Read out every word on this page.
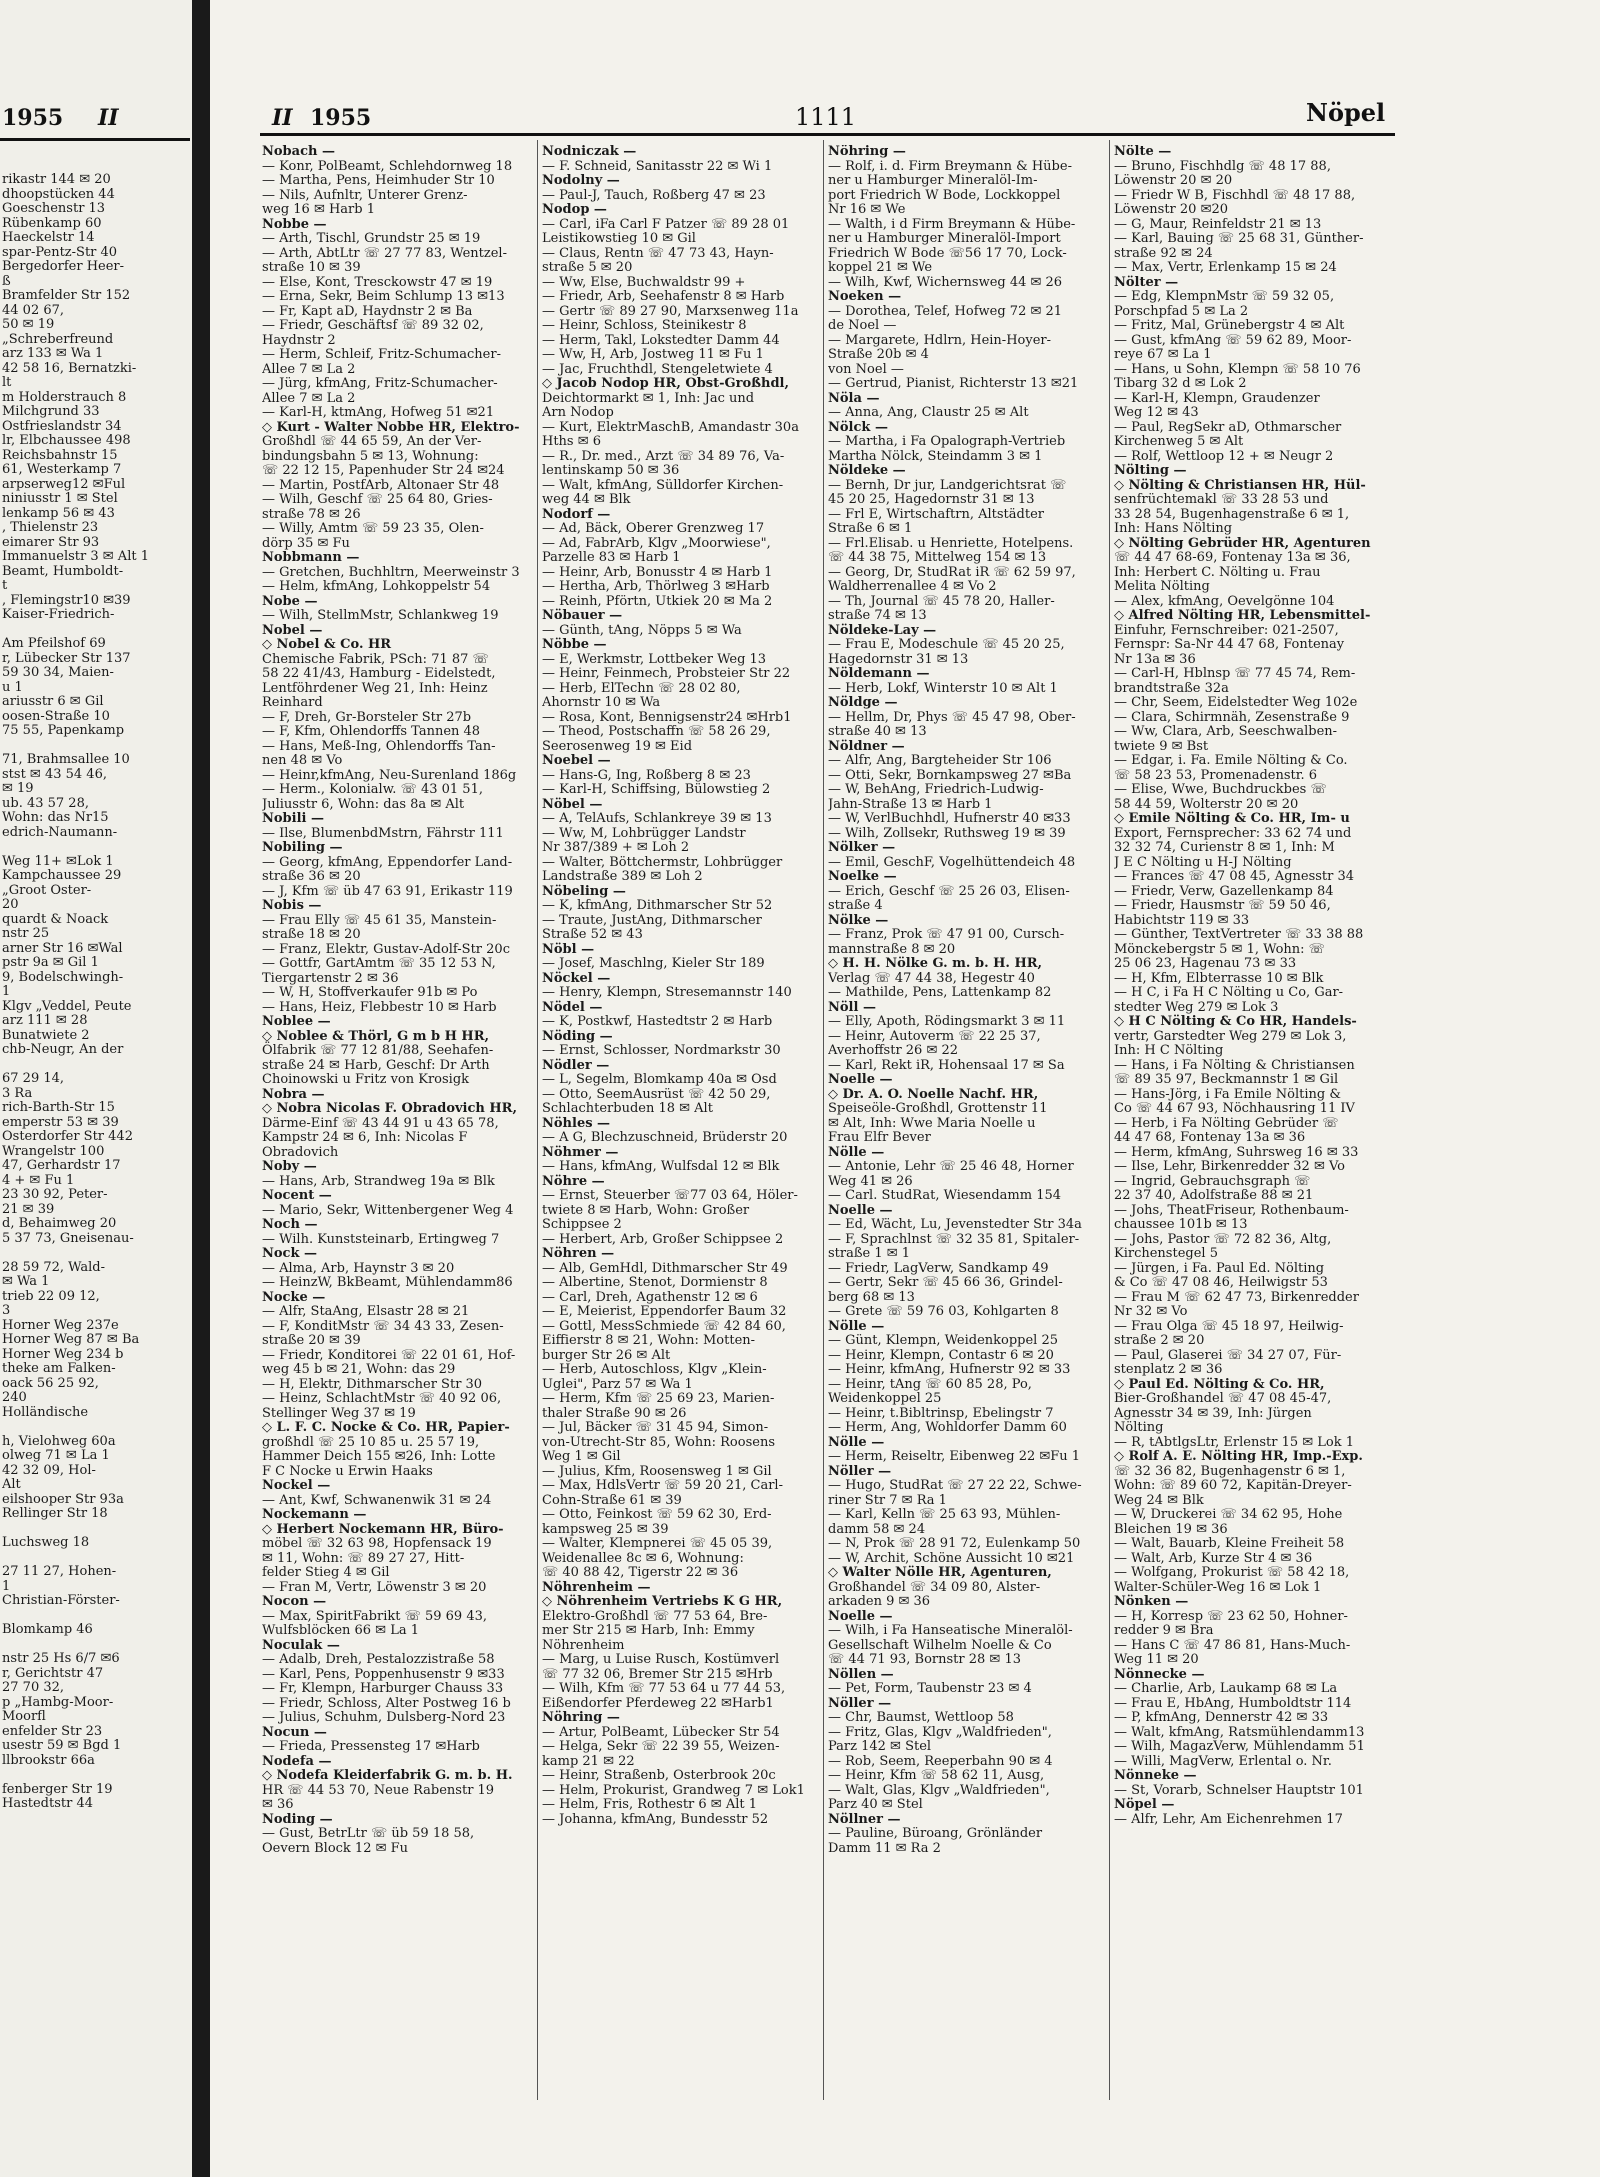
1955 II
rikastr 144 ✉ 20
dhoopstücken 44
Goeschenstr 13
Rübenkamp 60
Haeckelstr 14
spar-Pentz-Str 40
Bergedorfer Heer-
ß
Bramfelder Str 152
44 02 67,
50 ✉ 19
„Schreberfreund
arz 133 ✉ Wa 1
42 58 16, Bernatzki-
lt
m Holderstrauch 8
Milchgrund 33
Ostfrieslandstr 34
lr, Elbchaussee 498
Reichsbahnstr 15
61, Westerkamp 7
arpserweg12 ✉Ful
niniusstr 1 ✉ Stel
lenkamp 56 ✉ 43
, Thielenstr 23
eimarer Str 93
Immanuelstr 3 ✉ Alt 1
Beamt, Humboldt-
t
, Flemingstr10 ✉39
Kaiser-Friedrich-

Am Pfeilshof 69
r, Lübecker Str 137
59 30 34, Maien-
u 1
ariusstr 6 ✉ Gil
oosen-Straße 10
75 55, Papenkamp

71, Brahmsallee 10
stst ✉ 43 54 46,
✉ 19
ub. 43 57 28,
Wohn: das Nr15
edrich-Naumann-

Weg 11+ ✉Lok 1
Kampchaussee 29
„Groot Oster-
20
quardt & Noack
nstr 25
arner Str 16 ✉Wal
pstr 9a ✉ Gil 1
9, Bodelschwingh-
1
Klgv „Veddel, Peute
arz 111 ✉ 28
Bunatwiete 2
chb-Neugr, An der

67 29 14,
3 Ra
rich-Barth-Str 15
emperstr 53 ✉ 39
Osterdorfer Str 442
Wrangelstr 100
47, Gerhardstr 17
4 + ✉ Fu 1
23 30 92, Peter-
21 ✉ 39
d, Behaimweg 20
5 37 73, Gneisenau-

28 59 72, Wald-
✉ Wa 1
trieb 22 09 12,
3
Horner Weg 237e
Horner Weg 87 ✉ Ba
Horner Weg 234 b
theke am Falken-
oack 56 25 92,
240
Holländische

h, Vielohweg 60a
olweg 71 ✉ La 1
42 32 09, Hol-
Alt
eilshooper Str 93a
Rellinger Str 18

Luchsweg 18

27 11 27, Hohen-
1
Christian-Förster-

Blomkamp 46

nstr 25 Hs 6/7 ✉6
r, Gerichtstr 47
27 70 32,
p „Hambg-Moor-
Moorfl
enfelder Str 23
usestr 59 ✉ Bgd 1
llbrookstr 66a

fenberger Str 19
Hastedtstr 44
II 1955	1111	Nöpel
Nobach —
— Konr, PolBeamt, Schlehdornweg 18
— Martha, Pens, Heimhuder Str 10
— Nils, Aufnltr, Unterer Grenz-
weg 16 ✉ Harb 1
Nobbe —
— Arth, Tischl, Grundstr 25 ✉ 19
— Arth, AbtLtr ☏ 27 77 83, Wentzel-
straße 10 ✉ 39
— Else, Kont, Tresckowstr 47 ✉ 19
— Erna, Sekr, Beim Schlump 13 ✉13
— Fr, Kapt aD, Haydnstr 2 ✉ Ba
— Friedr, Geschäftsf ☏ 89 32 02,
Haydnstr 2
— Herm, Schleif, Fritz-Schumacher-
Allee 7 ✉ La 2
— Jürg, kfmAng, Fritz-Schumacher-
Allee 7 ✉ La 2
— Karl-H, ktmAng, Hofweg 51 ✉21
◇ Kurt - Walter Nobbe HR, Elektro-
Großhdl ☏ 44 65 59, An der Ver-
bindungsbahn 5 ✉ 13, Wohnung:
☏ 22 12 15, Papenhuder Str 24 ✉24
— Martin, PostfArb, Altonaer Str 48
— Wilh, Geschf ☏ 25 64 80, Gries-
straße 78 ✉ 26
— Willy, Amtm ☏ 59 23 35, Olen-
dörp 35 ✉ Fu
Nobbmann —
— Gretchen, Buchhltrn, Meerweinstr 3
— Helm, kfmAng, Lohkoppelstr 54
Nobe —
— Wilh, StellmMstr, Schlankweg 19
Nobel —
◇ Nobel & Co. HR
Chemische Fabrik, PSch: 71 87 ☏
58 22 41/43, Hamburg - Eidelstedt,
Lentföhrdener Weg 21, Inh: Heinz
Reinhard
— F, Dreh, Gr-Borsteler Str 27b
— F, Kfm, Ohlendorffs Tannen 48
— Hans, Meß-Ing, Ohlendorffs Tan-
nen 48 ✉ Vo
— Heinr,kfmAng, Neu-Surenland 186g
— Herm., Kolonialw. ☏ 43 01 51,
Juliusstr 6, Wohn: das 8a ✉ Alt
Nobili —
— Ilse, BlumenbdMstrn, Fährstr 111
Nobiling —
— Georg, kfmAng, Eppendorfer Land-
straße 36 ✉ 20
— J, Kfm ☏ üb 47 63 91, Erikastr 119
Nobis —
— Frau Elly ☏ 45 61 35, Manstein-
straße 18 ✉ 20
— Franz, Elektr, Gustav-Adolf-Str 20c
— Gottfr, GartAmtm ☏ 35 12 53 N,
Tiergartenstr 2 ✉ 36
— W, H, Stoffverkaufer 91b ✉ Po
— Hans, Heiz, Flebbestr 10 ✉ Harb
Noblee —
◇ Noblee & Thörl, G m b H HR,
Ölfabrik ☏ 77 12 81/88, Seehafen-
straße 24 ✉ Harb, Geschf: Dr Arth
Choinowski u Fritz von Krosigk
Nobra —
◇ Nobra Nicolas F. Obradovich HR,
Därme-Einf ☏ 43 44 91 u 43 65 78,
Kampstr 24 ✉ 6, Inh: Nicolas F
Obradovich
Noby —
— Hans, Arb, Strandweg 19a ✉ Blk
Nocent —
— Mario, Sekr, Wittenbergener Weg 4
Noch —
— Wilh. Kunststeinarb, Ertingweg 7
Nock —
— Alma, Arb, Haynstr 3 ✉ 20
— HeinzW, BkBeamt, Mühlendamm86
Nocke —
— Alfr, StaAng, Elsastr 28 ✉ 21
— F, KonditMstr ☏ 34 43 33, Zesen-
straße 20 ✉ 39
— Friedr, Konditorei ☏ 22 01 61, Hof-
weg 45 b ✉ 21, Wohn: das 29
— H, Elektr, Dithmarscher Str 30
— Heinz, SchlachtMstr ☏ 40 92 06,
Stellinger Weg 37 ✉ 19
◇ L. F. C. Nocke & Co. HR, Papier-
großhdl ☏ 25 10 85 u. 25 57 19,
Hammer Deich 155 ✉26, Inh: Lotte
F C Nocke u Erwin Haaks
Nockel —
— Ant, Kwf, Schwanenwik 31 ✉ 24
Nockemann —
◇ Herbert Nockemann HR, Büro-
möbel ☏ 32 63 98, Hopfensack 19
✉ 11, Wohn: ☏ 89 27 27, Hitt-
felder Stieg 4 ✉ Gil
— Fran M, Vertr, Löwenstr 3 ✉ 20
Nocon —
— Max, SpiritFabrikt ☏ 59 69 43,
Wulfsblöcken 66 ✉ La 1
Noculak —
— Adalb, Dreh, Pestalozzistraße 58
— Karl, Pens, Poppenhusenstr 9 ✉33
— Fr, Klempn, Harburger Chauss 33
— Friedr, Schloss, Alter Postweg 16 b
— Julius, Schuhm, Dulsberg-Nord 23
Nocun —
— Frieda, Pressensteg 17 ✉Harb
Nodefa —
◇ Nodefa Kleiderfabrik G. m. b. H.
HR ☏ 44 53 70, Neue Rabenstr 19
✉ 36
Noding —
— Gust, BetrLtr ☏ üb 59 18 58,
Oevern Block 12 ✉ Fu
Nodniczak —
— F. Schneid, Sanitasstr 22 ✉ Wi 1
Nodolny —
— Paul-J, Tauch, Roßberg 47 ✉ 23
Nodop —
— Carl, iFa Carl F Patzer ☏ 89 28 01
Leistikowstieg 10 ✉ Gil
— Claus, Rentn ☏ 47 73 43, Hayn-
straße 5 ✉ 20
— Ww, Else, Buchwaldstr 99 +
— Friedr, Arb, Seehafenstr 8 ✉ Harb
— Gertr ☏ 89 27 90, Marxsenweg 11a
— Heinr, Schloss, Steinikestr 8
— Herm, Takl, Lokstedter Damm 44
— Ww, H, Arb, Jostweg 11 ✉ Fu 1
— Jac, Fruchthdl, Stengeletwiete 4
◇ Jacob Nodop HR, Obst-Großhdl,
Deichtormarkt ✉ 1, Inh: Jac und
Arn Nodop
— Kurt, ElektrMaschB, Amandastr 30a
Hths ✉ 6
— R., Dr. med., Arzt ☏ 34 89 76, Va-
lentinskamp 50 ✉ 36
— Walt, kfmAng, Sülldorfer Kirchen-
weg 44 ✉ Blk
Nodorf —
— Ad, Bäck, Oberer Grenzweg 17
— Ad, FabrArb, Klgv „Moorwiese",
Parzelle 83 ✉ Harb 1
— Heinr, Arb, Bonusstr 4 ✉ Harb 1
— Hertha, Arb, Thörlweg 3 ✉Harb
— Reinh, Pförtn, Utkiek 20 ✉ Ma 2
Nöbauer —
— Günth, tAng, Nöpps 5 ✉ Wa
Nöbbe —
— E, Werkmstr, Lottbeker Weg 13
— Heinr, Feinmech, Probsteier Str 22
— Herb, ElTechn ☏ 28 02 80,
Ahornstr 10 ✉ Wa
— Rosa, Kont, Bennigsenstr24 ✉Hrb1
— Theod, Postschaffn ☏ 58 26 29,
Seerosenweg 19 ✉ Eid
Noebel —
— Hans-G, Ing, Roßberg 8 ✉ 23
— Karl-H, Schiffsing, Bülowstieg 2
Nöbel —
— A, TelAufs, Schlankreye 39 ✉ 13
— Ww, M, Lohbrügger Landstr
Nr 387/389 + ✉ Loh 2
— Walter, Böttchermstr, Lohbrügger
Landstraße 389 ✉ Loh 2
Nöbeling —
— K, kfmAng, Dithmarscher Str 52
— Traute, JustAng, Dithmarscher
Straße 52 ✉ 43
Nöbl —
— Josef, Maschlng, Kieler Str 189
Nöckel —
— Henry, Klempn, Stresemannstr 140
Nödel —
— K, Postkwf, Hastedtstr 2 ✉ Harb
Nöding —
— Ernst, Schlosser, Nordmarkstr 30
Nödler —
— L, Segelm, Blomkamp 40a ✉ Osd
— Otto, SeemAusrüst ☏ 42 50 29,
Schlachterbuden 18 ✉ Alt
Nöhles —
— A G, Blechzuschneid, Brüderstr 20
Nöhmer —
— Hans, kfmAng, Wulfsdal 12 ✉ Blk
Nöhre —
— Ernst, Steuerber ☏77 03 64, Höler-
twiete 8 ✉ Harb, Wohn: Großer
Schippsee 2
— Herbert, Arb, Großer Schippsee 2
Nöhren —
— Alb, GemHdl, Dithmarscher Str 49
— Albertine, Stenot, Dormienstr 8
— Carl, Dreh, Agathenstr 12 ✉ 6
— E, Meierist, Eppendorfer Baum 32
— Gottl, MessSchmiede ☏ 42 84 60,
Eiffierstr 8 ✉ 21, Wohn: Motten-
burger Str 26 ✉ Alt
— Herb, Autoschloss, Klgv „Klein-
Uglei", Parz 57 ✉ Wa 1
— Herm, Kfm ☏ 25 69 23, Marien-
thaler Straße 90 ✉ 26
— Jul, Bäcker ☏ 31 45 94, Simon-
von-Utrecht-Str 85, Wohn: Roosens
Weg 1 ✉ Gil
— Julius, Kfm, Roosensweg 1 ✉ Gil
— Max, HdlsVertr ☏ 59 20 21, Carl-
Cohn-Straße 61 ✉ 39
— Otto, Feinkost ☏ 59 62 30, Erd-
kampsweg 25 ✉ 39
— Walter, Klempnerei ☏ 45 05 39,
Weidenallee 8c ✉ 6, Wohnung:
☏ 40 88 42, Tigerstr 22 ✉ 36
Nöhrenheim —
◇ Nöhrenheim Vertriebs K G HR,
Elektro-Großhdl ☏ 77 53 64, Bre-
mer Str 215 ✉ Harb, Inh: Emmy
Nöhrenheim
— Marg, u Luise Rusch, Kostümverl
☏ 77 32 06, Bremer Str 215 ✉Hrb
— Wilh, Kfm ☏ 77 53 64 u 77 44 53,
Eißendorfer Pferdeweg 22 ✉Harb1
Nöhring —
— Artur, PolBeamt, Lübecker Str 54
— Helga, Sekr ☏ 22 39 55, Weizen-
kamp 21 ✉ 22
— Heinr, Straßenb, Osterbrook 20c
— Helm, Prokurist, Grandweg 7 ✉ Lok1
— Helm, Fris, Rothestr 6 ✉ Alt 1
— Johanna, kfmAng, Bundesstr 52
Nöhring —
— Rolf, i. d. Firm Breymann & Hübe-
ner u Hamburger Mineralöl-Im-
port Friedrich W Bode, Lockkoppel
Nr 16 ✉ We
— Walth, i d Firm Breymann & Hübe-
ner u Hamburger Mineralöl-Import
Friedrich W Bode ☏56 17 70, Lock-
koppel 21 ✉ We
— Wilh, Kwf, Wichernsweg 44 ✉ 26
Noeken —
— Dorothea, Telef, Hofweg 72 ✉ 21
de Noel —
— Margarete, Hdlrn, Hein-Hoyer-
Straße 20b ✉ 4
von Noel —
— Gertrud, Pianist, Richterstr 13 ✉21
Nöla —
— Anna, Ang, Claustr 25 ✉ Alt
Nölck —
— Martha, i Fa Opalograph-Vertrieb
Martha Nölck, Steindamm 3 ✉ 1
Nöldeke —
— Bernh, Dr jur, Landgerichtsrat ☏
45 20 25, Hagedornstr 31 ✉ 13
— Frl E, Wirtschaftrn, Altstädter
Straße 6 ✉ 1
— Frl.Elisab. u Henriette, Hotelpens.
☏ 44 38 75, Mittelweg 154 ✉ 13
— Georg, Dr, StudRat iR ☏ 62 59 97,
Waldherrenallee 4 ✉ Vo 2
— Th, Journal ☏ 45 78 20, Haller-
straße 74 ✉ 13
Nöldeke-Lay —
— Frau E, Modeschule ☏ 45 20 25,
Hagedornstr 31 ✉ 13
Nöldemann —
— Herb, Lokf, Winterstr 10 ✉ Alt 1
Nöldge —
— Hellm, Dr, Phys ☏ 45 47 98, Ober-
straße 40 ✉ 13
Nöldner —
— Alfr, Ang, Bargteheider Str 106
— Otti, Sekr, Bornkampsweg 27 ✉Ba
— W, BehAng, Friedrich-Ludwig-
Jahn-Straße 13 ✉ Harb 1
— W, VerlBuchhdl, Hufnerstr 40 ✉33
— Wilh, Zollsekr, Ruthsweg 19 ✉ 39
Nölker —
— Emil, GeschF, Vogelhüttendeich 48
Noelke —
— Erich, Geschf ☏ 25 26 03, Elisen-
straße 4
Nölke —
— Franz, Prok ☏ 47 91 00, Cursch-
mannstraße 8 ✉ 20
◇ H. H. Nölke G. m. b. H. HR,
Verlag ☏ 47 44 38, Hegestr 40
— Mathilde, Pens, Lattenkamp 82
Nöll —
— Elly, Apoth, Rödingsmarkt 3 ✉ 11
— Heinr, Autoverm ☏ 22 25 37,
Averhoffstr 26 ✉ 22
— Karl, Rekt iR, Hohensaal 17 ✉ Sa
Noelle —
◇ Dr. A. O. Noelle Nachf. HR,
Speiseöle-Großhdl, Grottenstr 11
✉ Alt, Inh: Wwe Maria Noelle u
Frau Elfr Bever
Nölle —
— Antonie, Lehr ☏ 25 46 48, Horner
Weg 41 ✉ 26
— Carl. StudRat, Wiesendamm 154
Noelle —
— Ed, Wächt, Lu, Jevenstedter Str 34a
— F, Sprachlnst ☏ 32 35 81, Spitaler-
straße 1 ✉ 1
— Friedr, LagVerw, Sandkamp 49
— Gertr, Sekr ☏ 45 66 36, Grindel-
berg 68 ✉ 13
— Grete ☏ 59 76 03, Kohlgarten 8
Nölle —
— Günt, Klempn, Weidenkoppel 25
— Heinr, Klempn, Contastr 6 ✉ 20
— Heinr, kfmAng, Hufnerstr 92 ✉ 33
— Heinr, tAng ☏ 60 85 28, Po,
Weidenkoppel 25
— Heinr, t.Bibltrinsp, Ebelingstr 7
— Herm, Ang, Wohldorfer Damm 60
Nölle —
— Herm, Reiseltr, Eibenweg 22 ✉Fu 1
Nöller —
— Hugo, StudRat ☏ 27 22 22, Schwe-
riner Str 7 ✉ Ra 1
— Karl, Kelln ☏ 25 63 93, Mühlen-
damm 58 ✉ 24
— N, Prok ☏ 28 91 72, Eulenkamp 50
— W, Archit, Schöne Aussicht 10 ✉21
◇ Walter Nölle HR, Agenturen,
Großhandel ☏ 34 09 80, Alster-
arkaden 9 ✉ 36
Noelle —
— Wilh, i Fa Hanseatische Mineralöl-
Gesellschaft Wilhelm Noelle & Co
☏ 44 71 93, Bornstr 28 ✉ 13
Nöllen —
— Pet, Form, Taubenstr 23 ✉ 4
Nöller —
— Chr, Baumst, Wettloop 58
— Fritz, Glas, Klgv „Waldfrieden",
Parz 142 ✉ Stel
— Rob, Seem, Reeperbahn 90 ✉ 4
— Heinr, Kfm ☏ 58 62 11, Ausg,
— Walt, Glas, Klgv „Waldfrieden",
Parz 40 ✉ Stel
Nöllner —
— Pauline, Büroang, Grönländer
Damm 11 ✉ Ra 2
Nölte —
— Bruno, Fischhdlg ☏ 48 17 88,
Löwenstr 20 ✉ 20
— Friedr W B, Fischhdl ☏ 48 17 88,
Löwenstr 20 ✉20
— G, Maur, Reinfeldstr 21 ✉ 13
— Karl, Bauing ☏ 25 68 31, Günther-
straße 92 ✉ 24
— Max, Vertr, Erlenkamp 15 ✉ 24
Nölter —
— Edg, KlempnMstr ☏ 59 32 05,
Porschpfad 5 ✉ La 2
— Fritz, Mal, Grünebergstr 4 ✉ Alt
— Gust, kfmAng ☏ 59 62 89, Moor-
reye 67 ✉ La 1
— Hans, u Sohn, Klempn ☏ 58 10 76
Tibarg 32 d ✉ Lok 2
— Karl-H, Klempn, Graudenzer
Weg 12 ✉ 43
— Paul, RegSekr aD, Othmarscher
Kirchenweg 5 ✉ Alt
— Rolf, Wettloop 12 + ✉ Neugr 2
Nölting —
◇ Nölting & Christiansen HR, Hül-
senfrüchtemakl ☏ 33 28 53 und
33 28 54, Bugenhagenstraße 6 ✉ 1,
Inh: Hans Nölting
◇ Nölting Gebrüder HR, Agenturen
☏ 44 47 68-69, Fontenay 13a ✉ 36,
Inh: Herbert C. Nölting u. Frau
Melita Nölting
— Alex, kfmAng, Oevelgönne 104
◇ Alfred Nölting HR, Lebensmittel-
Einfuhr, Fernschreiber: 021-2507,
Fernspr: Sa-Nr 44 47 68, Fontenay
Nr 13a ✉ 36
— Carl-H, Hblnsp ☏ 77 45 74, Rem-
brandtstraße 32a
— Chr, Seem, Eidelstedter Weg 102e
— Clara, Schirmnäh, Zesenstraße 9
— Ww, Clara, Arb, Seeschwalben-
twiete 9 ✉ Bst
— Edgar, i. Fa. Emile Nölting & Co.
☏ 58 23 53, Promenadenstr. 6
— Elise, Wwe, Buchdruckbes ☏
58 44 59, Wolterstr 20 ✉ 20
◇ Emile Nölting & Co. HR, Im- u
Export, Fernsprecher: 33 62 74 und
32 32 74, Curienstr 8 ✉ 1, Inh: M
J E C Nölting u H-J Nölting
— Frances ☏ 47 08 45, Agnesstr 34
— Friedr, Verw, Gazellenkamp 84
— Friedr, Hausmstr ☏ 59 50 46,
Habichtstr 119 ✉ 33
— Günther, TextVertreter ☏ 33 38 88
Mönckebergstr 5 ✉ 1, Wohn: ☏
25 06 23, Hagenau 73 ✉ 33
— H, Kfm, Elbterrasse 10 ✉ Blk
— H C, i Fa H C Nölting u Co, Gar-
stedter Weg 279 ✉ Lok 3
◇ H C Nölting & Co HR, Handels-
vertr, Garstedter Weg 279 ✉ Lok 3,
Inh: H C Nölting
— Hans, i Fa Nölting & Christiansen
☏ 89 35 97, Beckmannstr 1 ✉ Gil
— Hans-Jörg, i Fa Emile Nölting &
Co ☏ 44 67 93, Nöchhausring 11 IV
— Herb, i Fa Nölting Gebrüder ☏
44 47 68, Fontenay 13a ✉ 36
— Herm, kfmAng, Suhrsweg 16 ✉ 33
— Ilse, Lehr, Birkenredder 32 ✉ Vo
— Ingrid, Gebrauchsgraph ☏
22 37 40, Adolfstraße 88 ✉ 21
— Johs, TheatFriseur, Rothenbaum-
chaussee 101b ✉ 13
— Johs, Pastor ☏ 72 82 36, Altg,
Kirchenstegel 5
— Jürgen, i Fa. Paul Ed. Nölting
& Co ☏ 47 08 46, Heilwigstr 53
— Frau M ☏ 62 47 73, Birkenredder
Nr 32 ✉ Vo
— Frau Olga ☏ 45 18 97, Heilwig-
straße 2 ✉ 20
— Paul, Glaserei ☏ 34 27 07, Für-
stenplatz 2 ✉ 36
◇ Paul Ed. Nölting & Co. HR,
Bier-Großhandel ☏ 47 08 45-47,
Agnesstr 34 ✉ 39, Inh: Jürgen
Nölting
— R, tAbtlgsLtr, Erlenstr 15 ✉ Lok 1
◇ Rolf A. E. Nölting HR, Imp.-Exp.
☏ 32 36 82, Bugenhagenstr 6 ✉ 1,
Wohn: ☏ 89 60 72, Kapitän-Dreyer-
Weg 24 ✉ Blk
— W, Druckerei ☏ 34 62 95, Hohe
Bleichen 19 ✉ 36
— Walt, Bauarb, Kleine Freiheit 58
— Walt, Arb, Kurze Str 4 ✉ 36
— Wolfgang, Prokurist ☏ 58 42 18,
Walter-Schüler-Weg 16 ✉ Lok 1
Nönken —
— H, Korresp ☏ 23 62 50, Hohner-
redder 9 ✉ Bra
— Hans C ☏ 47 86 81, Hans-Much-
Weg 11 ✉ 20
Nönnecke —
— Charlie, Arb, Laukamp 68 ✉ La
— Frau E, HbAng, Humboldtstr 114
— P, kfmAng, Dennerstr 42 ✉ 33
— Walt, kfmAng, Ratsmühlendamm13
— Wilh, MagazVerw, Mühlendamm 51
— Willi, MagVerw, Erlental o. Nr.
Nönneke —
— St, Vorarb, Schnelser Hauptstr 101
Nöpel —
— Alfr, Lehr, Am Eichenrehmen 17
